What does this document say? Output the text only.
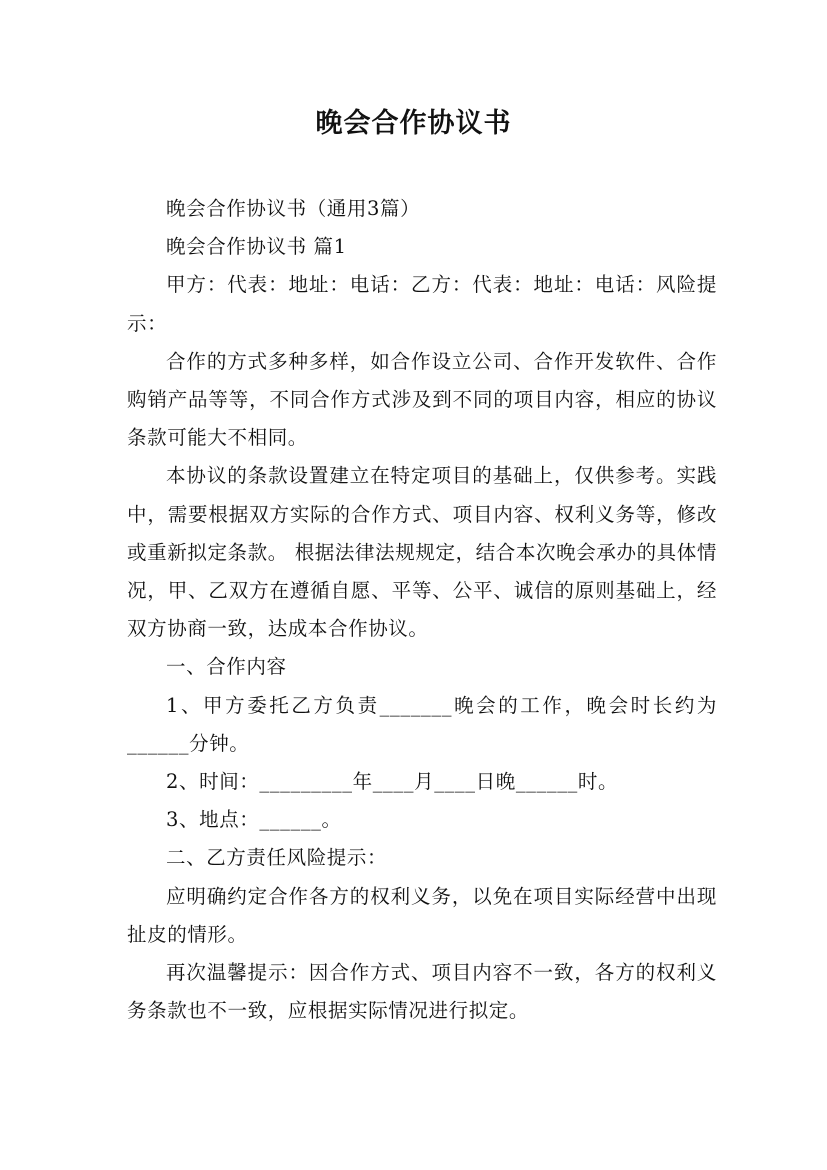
晚会合作协议书

晚会合作协议书（通用3篇）

晚会合作协议书 篇1

甲方：代表：地址：电话：乙方：代表：地址：电话：风险提示：

合作的方式多种多样，如合作设立公司、合作开发软件、合作购销产品等等，不同合作方式涉及到不同的项目内容，相应的协议条款可能大不相同。

本协议的条款设置建立在特定项目的基础上，仅供参考。实践中，需要根据双方实际的合作方式、项目内容、权利义务等，修改或重新拟定条款。 根据法律法规规定，结合本次晚会承办的具体情况，甲、乙双方在遵循自愿、平等、公平、诚信的原则基础上，经双方协商一致，达成本合作协议。

一、合作内容

1、甲方委托乙方负责_______晚会的工作，晚会时长约为______分钟。

2、时间：_________年____月____日晚______时。

3、地点：______。

二、乙方责任风险提示：

应明确约定合作各方的权利义务，以免在项目实际经营中出现扯皮的情形。

再次温馨提示：因合作方式、项目内容不一致，各方的权利义务条款也不一致，应根据实际情况进行拟定。
